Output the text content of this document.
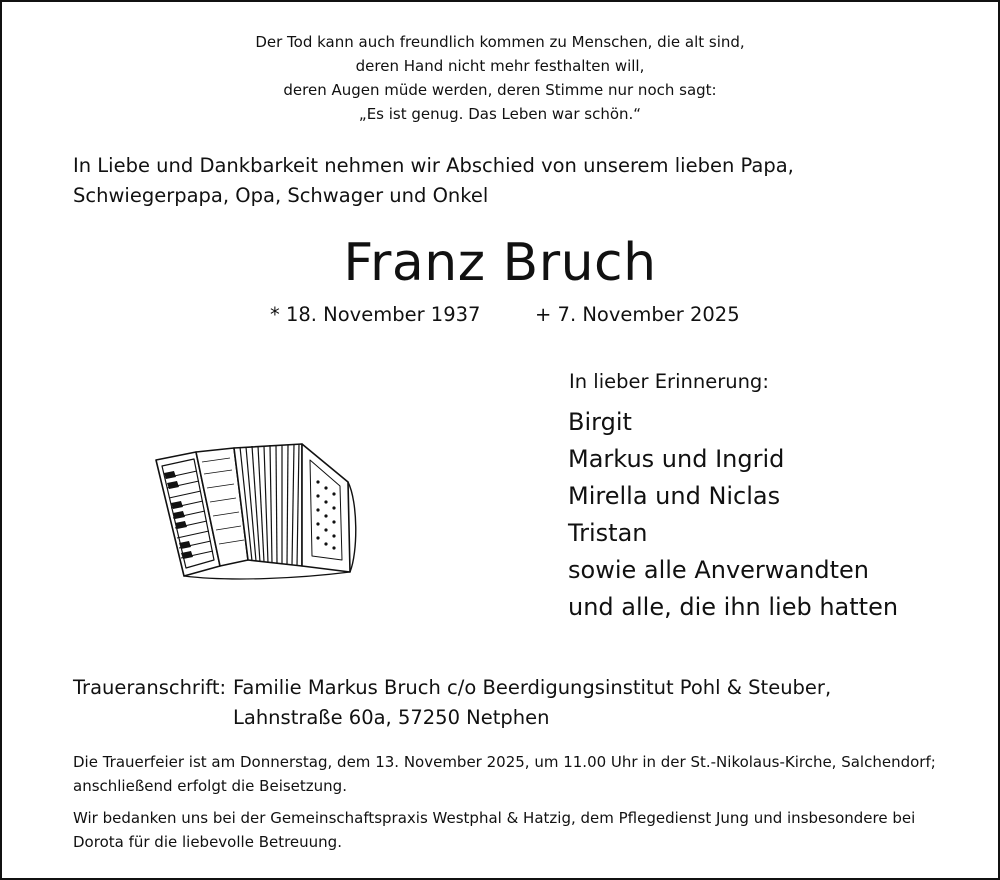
Der Tod kann auch freundlich kommen zu Menschen, die alt sind,
deren Hand nicht mehr festhalten will,
deren Augen müde werden, deren Stimme nur noch sagt:
„Es ist genug. Das Leben war schön.“
In Liebe und Dankbarkeit nehmen wir Abschied von unserem lieben Papa, Schwiegerpapa, Opa, Schwager und Onkel
Franz Bruch
* 18. November 1937	+ 7. November 2025
In lieber Erinnerung:
Birgit
Markus und Ingrid
Mirella und Niclas
Tristan
sowie alle Anverwandten
und alle, die ihn lieb hatten
Traueranschrift: Familie Markus Bruch c/o Beerdigungsinstitut Pohl & Steuber,
Lahnstraße 60a, 57250 Netphen

Die Trauerfeier ist am Donnerstag, dem 13. November 2025, um 11.00 Uhr in der St.-Nikolaus-Kirche, Salchendorf; anschließend erfolgt die Beisetzung.

Wir bedanken uns bei der Gemeinschaftspraxis Westphal & Hatzig, dem Pflegedienst Jung und insbesondere bei Dorota für die liebevolle Betreuung.
